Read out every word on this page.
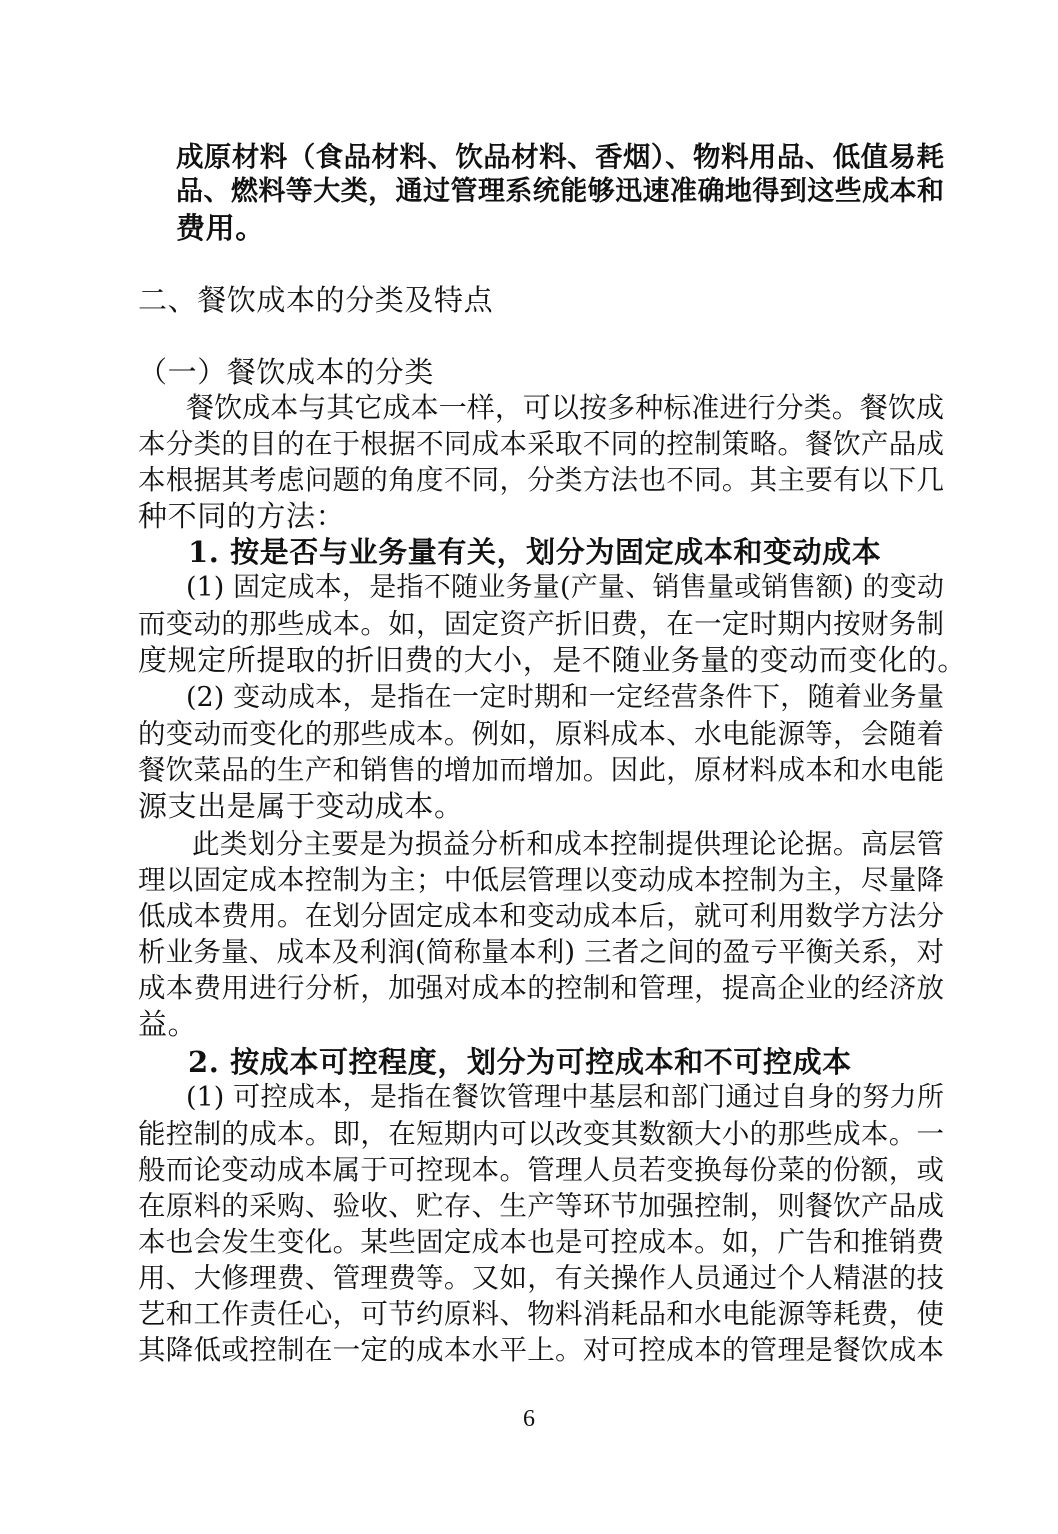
成原材料（食品材料、饮品材料、香烟）、物料用品、低值易耗
品、燃料等大类，通过管理系统能够迅速准确地得到这些成本和
费用。
二、餐饮成本的分类及特点
（一）餐饮成本的分类
餐饮成本与其它成本一样，可以按多种标准进行分类。餐饮成
本分类的目的在于根据不同成本采取不同的控制策略。餐饮产品成
本根据其考虑问题的角度不同，分类方法也不同。其主要有以下几
种不同的方法：
1. 按是否与业务量有关，划分为固定成本和变动成本
(1) 固定成本，是指不随业务量(产量、销售量或销售额) 的变动
而变动的那些成本。如，固定资产折旧费，在一定时期内按财务制
度规定所提取的折旧费的大小，是不随业务量的变动而变化的。
(2) 变动成本，是指在一定时期和一定经营条件下，随着业务量
的变动而变化的那些成本。例如，原料成本、水电能源等，会随着
餐饮菜品的生产和销售的增加而增加。因此，原材料成本和水电能
源支出是属于变动成本。
此类划分主要是为损益分析和成本控制提供理论论据。高层管
理以固定成本控制为主；中低层管理以变动成本控制为主，尽量降
低成本费用。在划分固定成本和变动成本后，就可利用数学方法分
析业务量、成本及利润(简称量本利) 三者之间的盈亏平衡关系，对
成本费用进行分析，加强对成本的控制和管理，提高企业的经济放
益。
2. 按成本可控程度，划分为可控成本和不可控成本
(1) 可控成本，是指在餐饮管理中基层和部门通过自身的努力所
能控制的成本。即，在短期内可以改变其数额大小的那些成本。一
般而论变动成本属于可控现本。管理人员若变换每份菜的份额，或
在原料的采购、验收、贮存、生产等环节加强控制，则餐饮产品成
本也会发生变化。某些固定成本也是可控成本。如，广告和推销费
用、大修理费、管理费等。又如，有关操作人员通过个人精湛的技
艺和工作责任心，可节约原料、物料消耗品和水电能源等耗费，使
其降低或控制在一定的成本水平上。对可控成本的管理是餐饮成本
6
